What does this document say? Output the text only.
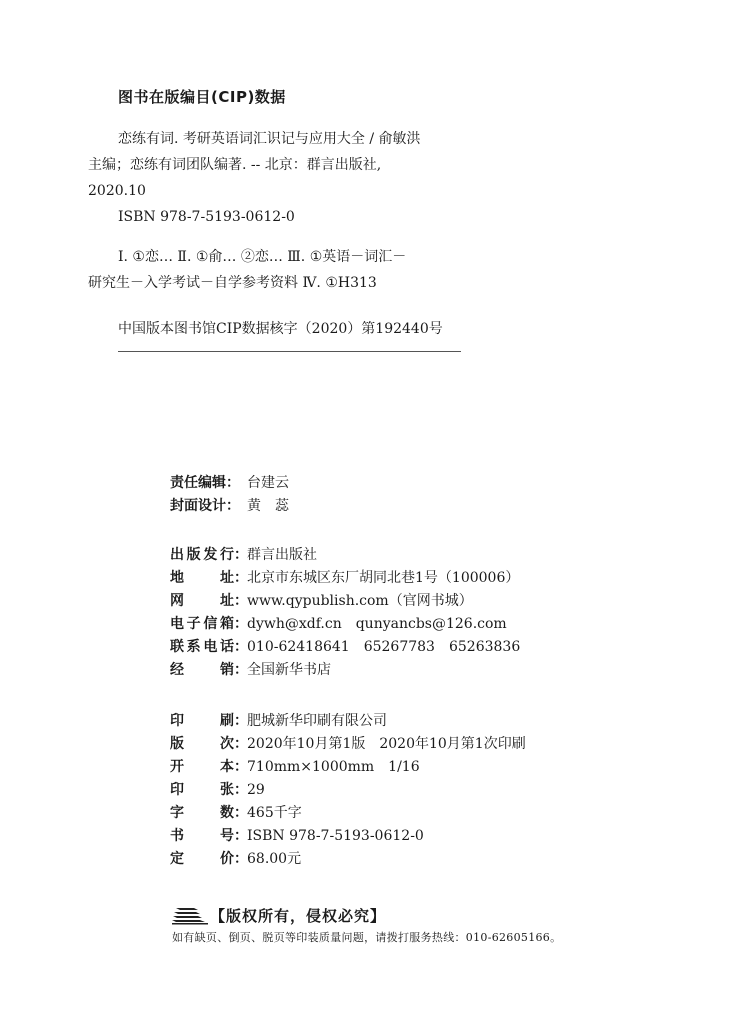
图书在版编目(CIP)数据
恋练有词. 考研英语词汇识记与应用大全 / 俞敏洪
主编；恋练有词团队编著. -- 北京：群言出版社,
2020.10
ISBN 978-7-5193-0612-0
Ⅰ. ①恋… Ⅱ. ①俞… ②恋… Ⅲ. ①英语－词汇－
研究生－入学考试－自学参考资料 Ⅳ. ①H313
中国版本图书馆CIP数据核字（2020）第192440号
责任编辑： 台建云
封面设计： 黄　蕊
出 版 发 行 ： 群言出版社
地	址 ： 北京市东城区东厂胡同北巷1号（100006）
网	址 ： www.qypublish.com（官网书城）
电 子 信 箱 ： dywh@xdf.cn　qunyancbs@126.com
联 系 电 话 ： 010-62418641　65267783　65263836
经	销 ： 全国新华书店
印	刷 ： 肥城新华印刷有限公司
版	次 ： 2020年10月第1版　2020年10月第1次印刷
开	本 ： 710mm×1000mm　1/16
印	张 ： 29
字	数 ： 465千字
书	号 ： ISBN 978-7-5193-0612-0
定	价 ： 68.00元
【版权所有，侵权必究】
如有缺页、倒页、脱页等印装质量问题，请拨打服务热线：010-62605166。
